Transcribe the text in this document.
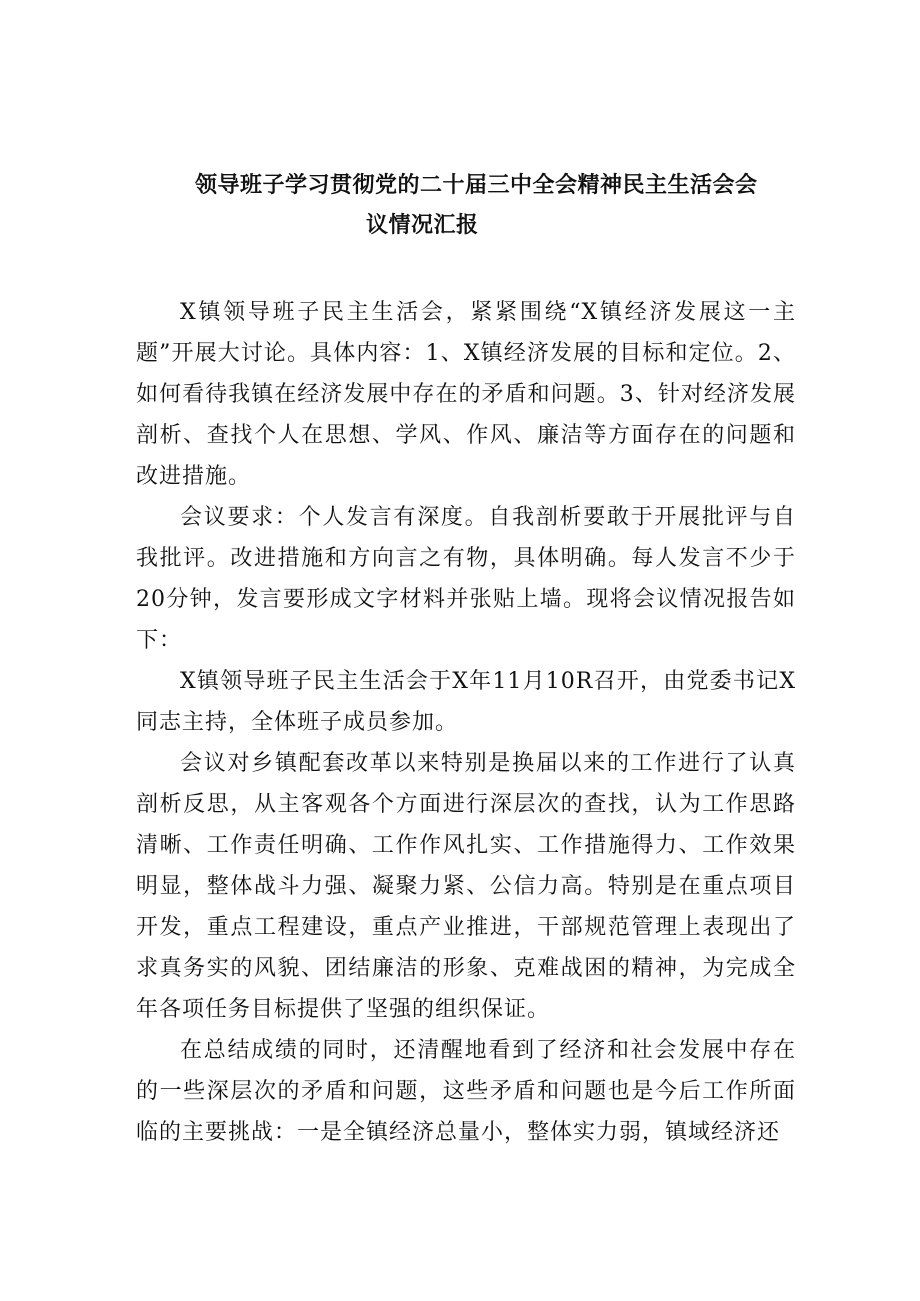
领导班子学习贯彻党的二十届三中全会精神民主生活会会
议情况汇报

X镇领导班子民主生活会，紧紧围绕“X镇经济发展这一主题”开展大讨论。具体内容：1、X镇经济发展的目标和定位。2、如何看待我镇在经济发展中存在的矛盾和问题。3、针对经济发展剖析、查找个人在思想、学风、作风、廉洁等方面存在的问题和改进措施。

会议要求：个人发言有深度。自我剖析要敢于开展批评与自我批评。改进措施和方向言之有物，具体明确。每人发言不少于20分钟，发言要形成文字材料并张贴上墙。现将会议情况报告如下：

X镇领导班子民主生活会于X年11月10R召开，由党委书记X同志主持，全体班子成员参加。

会议对乡镇配套改革以来特别是换届以来的工作进行了认真剖析反思，从主客观各个方面进行深层次的查找，认为工作思路清晰、工作责任明确、工作作风扎实、工作措施得力、工作效果明显，整体战斗力强、凝聚力紧、公信力高。特别是在重点项目开发，重点工程建设，重点产业推进，干部规范管理上表现出了求真务实的风貌、团结廉洁的形象、克难战困的精神，为完成全年各项任务目标提供了坚强的组织保证。

在总结成绩的同时，还清醒地看到了经济和社会发展中存在的一些深层次的矛盾和问题，这些矛盾和问题也是今后工作所面临的主要挑战：一是全镇经济总量小，整体实力弱，镇域经济还
